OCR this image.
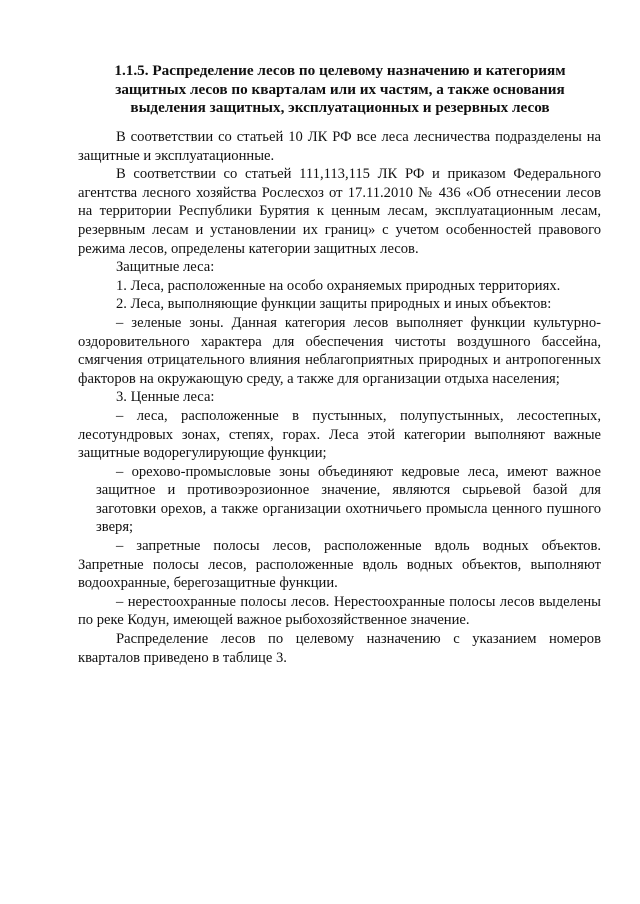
1.1.5. Распределение лесов по целевому назначению и категориям
защитных лесов по кварталам или их частям, а также основания
выделения защитных, эксплуатационных и резервных лесов

В соответствии со статьей 10 ЛК РФ все леса лесничества подразделены на защитные и эксплуатационные.

В соответствии со статьей 111,113,115 ЛК РФ и приказом Федерального агентства лесного хозяйства Рослесхоз от 17.11.2010 № 436 «Об отнесении лесов на территории Республики Бурятия к ценным лесам, эксплуатационным лесам, резервным лесам и установлении их границ» с учетом особенностей правового режима лесов, определены категории защитных лесов.

Защитные леса:

1. Леса, расположенные на особо охраняемых природных территориях.

2. Леса, выполняющие функции защиты природных и иных объектов:

– зеленые зоны. Данная категория лесов выполняет функции культурно-оздоровительного характера для обеспечения чистоты воздушного бассейна, смягчения отрицательного влияния неблагоприятных природных и антропогенных факторов на окружающую среду, а также для организации отдыха населения;

3. Ценные леса:

– леса, расположенные в пустынных, полупустынных, лесостепных, лесотундровых зонах, степях, горах. Леса этой категории выполняют важные защитные водорегулирующие функции;

– орехово-промысловые зоны объединяют кедровые леса, имеют важное защитное и противоэрозионное значение, являются сырьевой базой для заготовки орехов, а также организации охотничьего промысла ценного пушного зверя;

– запретные полосы лесов, расположенные вдоль водных объектов. Запретные полосы лесов, расположенные вдоль водных объектов, выполняют водоохранные, берегозащитные функции.

– нерестоохранные полосы лесов. Нерестоохранные полосы лесов выделены по реке Кодун, имеющей важное рыбохозяйственное значение.

Распределение лесов по целевому назначению с указанием номеров кварталов приведено в таблице 3.
